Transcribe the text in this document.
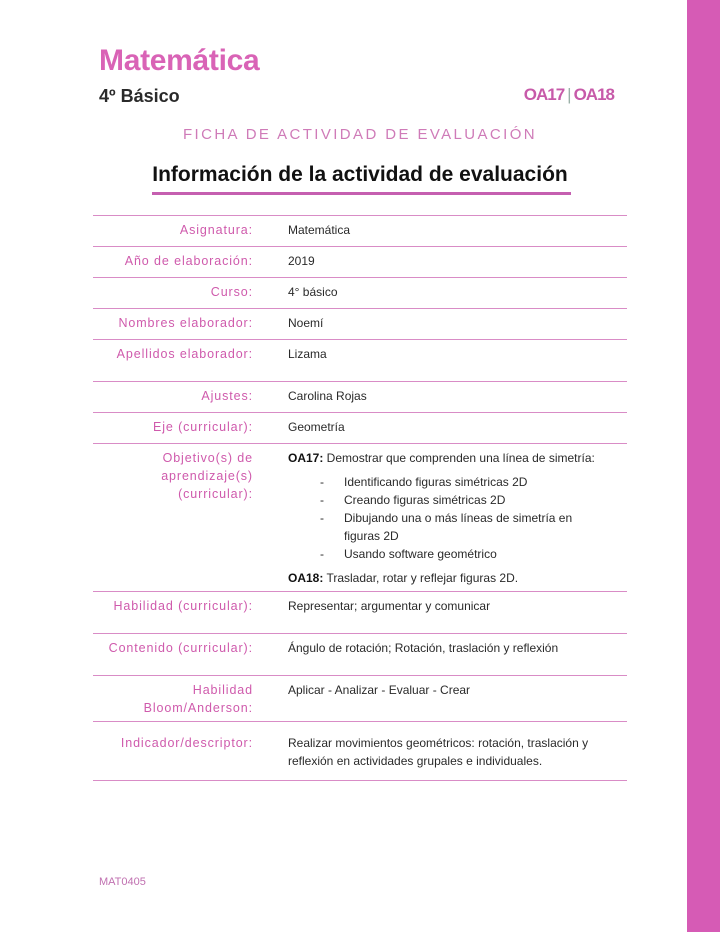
Matemática
4º Básico	OA17 | OA18
FICHA DE ACTIVIDAD DE EVALUACIÓN
Información de la actividad de evaluación
Asignatura:	Matemática
Año de elaboración:	2019
Curso:	4° básico
Nombres elaborador:	Noemí
Apellidos elaborador:	Lizama
Ajustes:	Carolina Rojas
Eje (curricular):	Geometría
Objetivo(s) de aprendizaje(s) (curricular):	
OA17: Demostrar que comprenden una línea de simetría:
- Identificando figuras simétricas 2D
- Creando figuras simétricas 2D
- Dibujando una o más líneas de simetría en figuras 2D
- Usando software geométrico
OA18: Trasladar, rotar y reflejar figuras 2D.

Habilidad (curricular):	Representar; argumentar y comunicar
Contenido (curricular):	Ángulo de rotación; Rotación, traslación y reflexión
Habilidad Bloom/Anderson:	Aplicar - Analizar - Evaluar - Crear
Indicador/descriptor:	Realizar movimientos geométricos: rotación, traslación y reflexión en actividades grupales e individuales.
MAT0405
